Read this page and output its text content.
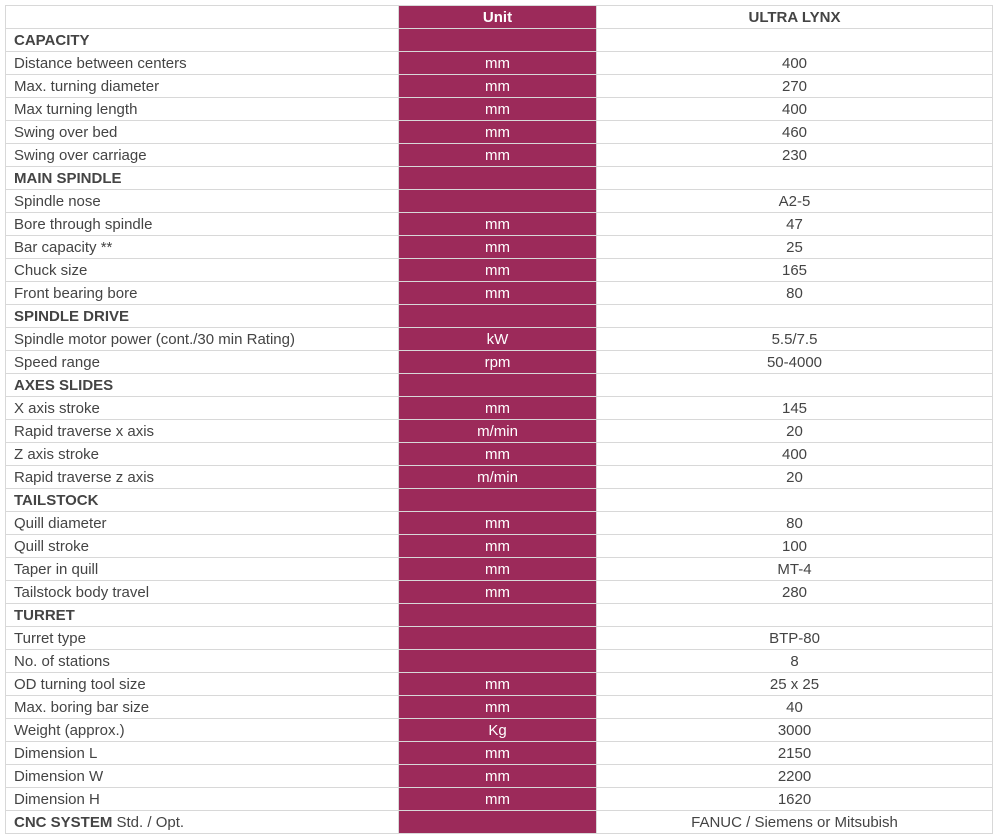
	Unit	ULTRA LYNX
CAPACITY		
Distance between centers	mm	400
Max. turning diameter	mm	270
Max turning length	mm	400
Swing over bed	mm	460
Swing over carriage	mm	230
MAIN SPINDLE		
Spindle nose		A2-5
Bore through spindle	mm	47
Bar capacity **	mm	25
Chuck size	mm	165
Front bearing bore	mm	80
SPINDLE DRIVE		
Spindle motor power (cont./30 min Rating)	kW	5.5/7.5
Speed range	rpm	50-4000
AXES SLIDES		
X axis stroke	mm	145
Rapid traverse x axis	m/min	20
Z axis stroke	mm	400
Rapid traverse z axis	m/min	20
TAILSTOCK		
Quill diameter	mm	80
Quill stroke	mm	100
Taper in quill	mm	MT-4
Tailstock body travel	mm	280
TURRET		
Turret type		BTP-80
No. of stations		8
OD turning tool size	mm	25 x 25
Max. boring bar size	mm	40
Weight (approx.)	Kg	3000
Dimension L	mm	2150
Dimension W	mm	2200
Dimension H	mm	1620
CNC SYSTEM Std. / Opt.		FANUC / Siemens or Mitsubish
